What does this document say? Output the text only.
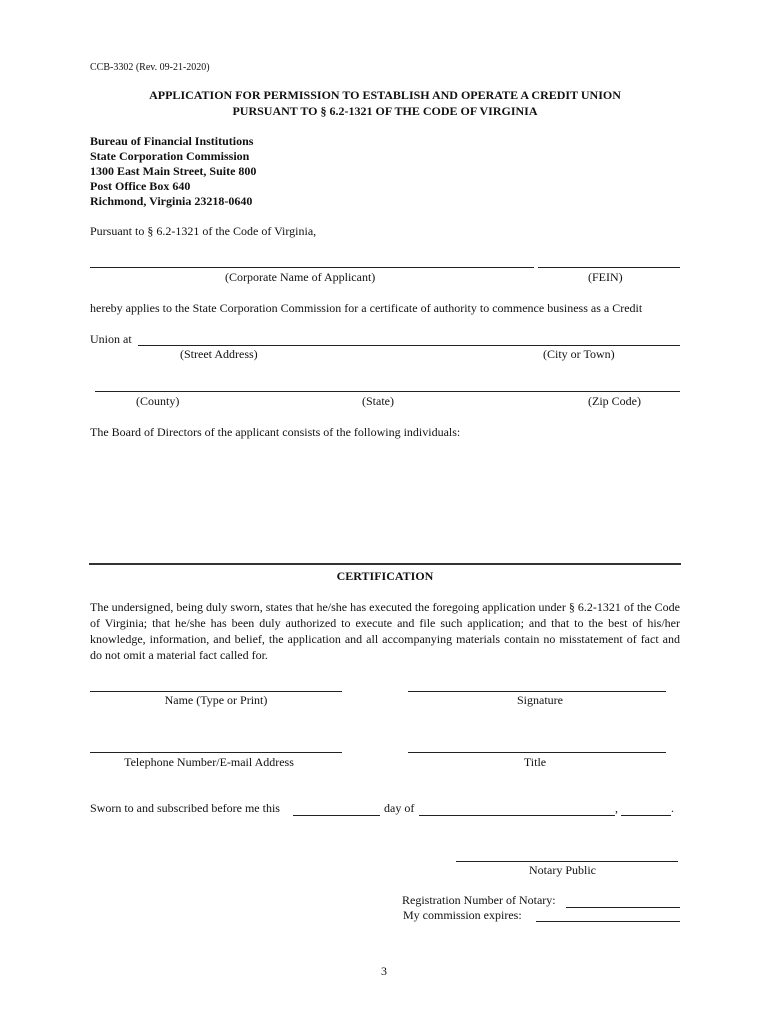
CCB-3302 (Rev. 09-21-2020)
APPLICATION FOR PERMISSION TO ESTABLISH AND OPERATE A CREDIT UNION
PURSUANT TO § 6.2-1321 OF THE CODE OF VIRGINIA
Bureau of Financial Institutions
State Corporation Commission
1300 East Main Street, Suite 800
Post Office Box 640
Richmond, Virginia 23218-0640
Pursuant to § 6.2-1321 of the Code of Virginia,
(Corporate Name of Applicant)	(FEIN)
hereby applies to the State Corporation Commission for a certificate of authority to commence business as a Credit
Union at
(Street Address)	(City or Town)
(County)	(State)	(Zip Code)
The Board of Directors of the applicant consists of the following individuals:
CERTIFICATION
The undersigned, being duly sworn, states that he/she has executed the foregoing application under § 6.2-1321 of the Code of Virginia; that he/she has been duly authorized to execute and file such application; and that to the best of his/her knowledge, information, and belief, the application and all accompanying materials contain no misstatement of fact and do not omit a material fact called for.
Name (Type or Print)	Signature
Telephone Number/E-mail Address	Title
Sworn to and subscribed before me this	day of	,	.
Notary Public
Registration Number of Notary:
My commission expires:
3
